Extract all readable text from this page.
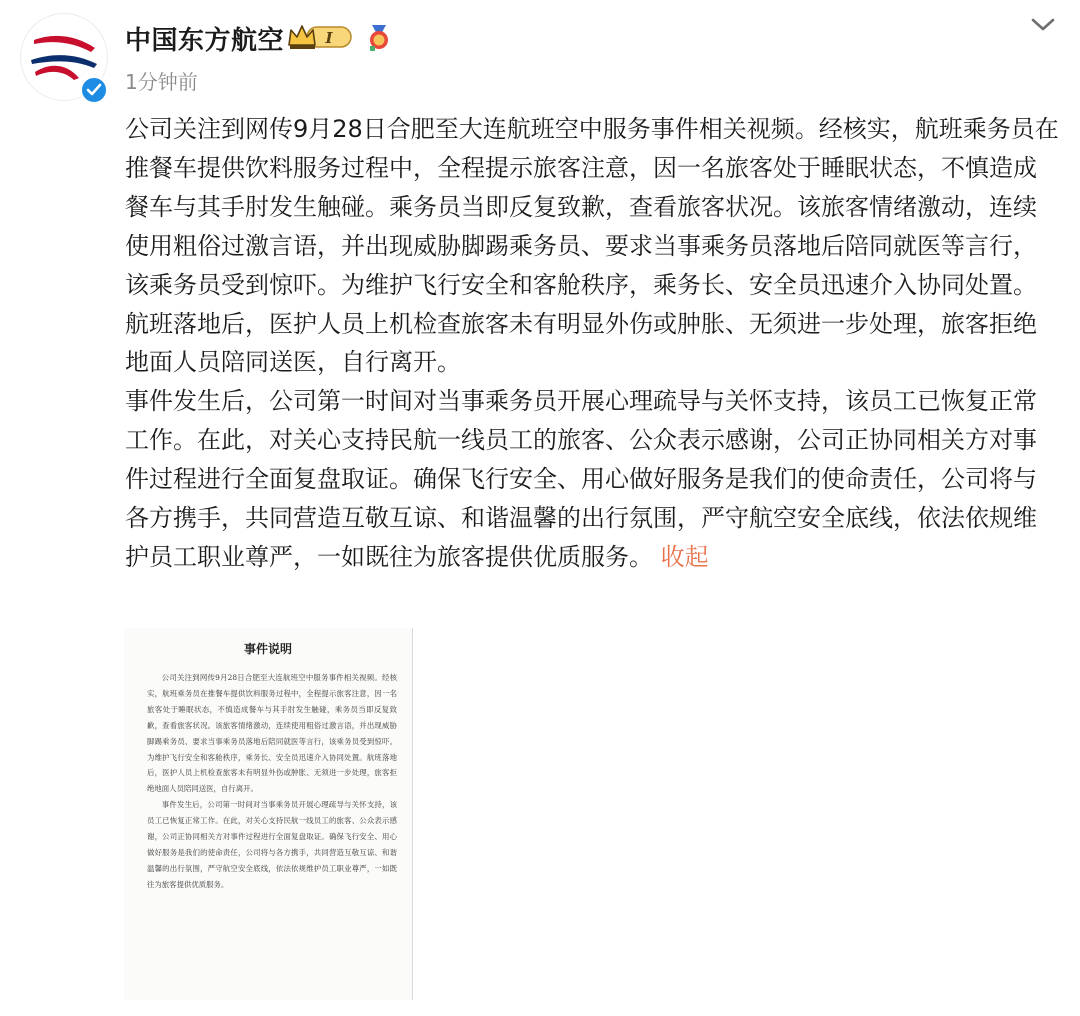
中国东方航空	I
1分钟前

公司关注到网传9月28日合肥至大连航班空中服务事件相关视频。经核实，航班乘务员在推餐车提供饮料服务过程中，全程提示旅客注意，因一名旅客处于睡眠状态，不慎造成餐车与其手肘发生触碰。乘务员当即反复致歉，查看旅客状况。该旅客情绪激动，连续使用粗俗过激言语，并出现威胁脚踢乘务员、要求当事乘务员落地后陪同就医等言行，该乘务员受到惊吓。为维护飞行安全和客舱秩序，乘务长、安全员迅速介入协同处置。航班落地后，医护人员上机检查旅客未有明显外伤或肿胀、无须进一步处理，旅客拒绝地面人员陪同送医，自行离开。

事件发生后，公司第一时间对当事乘务员开展心理疏导与关怀支持，该员工已恢复正常工作。在此，对关心支持民航一线员工的旅客、公众表示感谢，公司正协同相关方对事件过程进行全面复盘取证。确保飞行安全、用心做好服务是我们的使命责任，公司将与各方携手，共同营造互敬互谅、和谐温馨的出行氛围，严守航空安全底线，依法依规维护员工职业尊严，一如既往为旅客提供优质服务。 收起

事件说明

公司关注到网传9月28日合肥至大连航班空中服务事件相关视频。经核实，航班乘务员在推餐车提供饮料服务过程中，全程提示旅客注意，因一名旅客处于睡眠状态，不慎造成餐车与其手肘发生触碰，乘务员当即反复致歉，查看旅客状况。该旅客情绪激动，连续使用粗俗过激言语，并出现威胁脚踢乘务员、要求当事乘务员落地后陪同就医等言行，该乘务员受到惊吓。为维护飞行安全和客舱秩序，乘务长、安全员迅速介入协同处置。航班落地后，医护人员上机检查旅客未有明显外伤或肿胀、无须进一步处理，旅客拒绝地面人员陪同送医，自行离开。

事件发生后，公司第一时间对当事乘务员开展心理疏导与关怀支持，该员工已恢复正常工作。在此，对关心支持民航一线员工的旅客、公众表示感谢，公司正协同相关方对事件过程进行全面复盘取证。确保飞行安全、用心做好服务是我们的使命责任，公司将与各方携手，共同营造互敬互谅、和谐温馨的出行氛围，严守航空安全底线，依法依规维护员工职业尊严，一如既往为旅客提供优质服务。
